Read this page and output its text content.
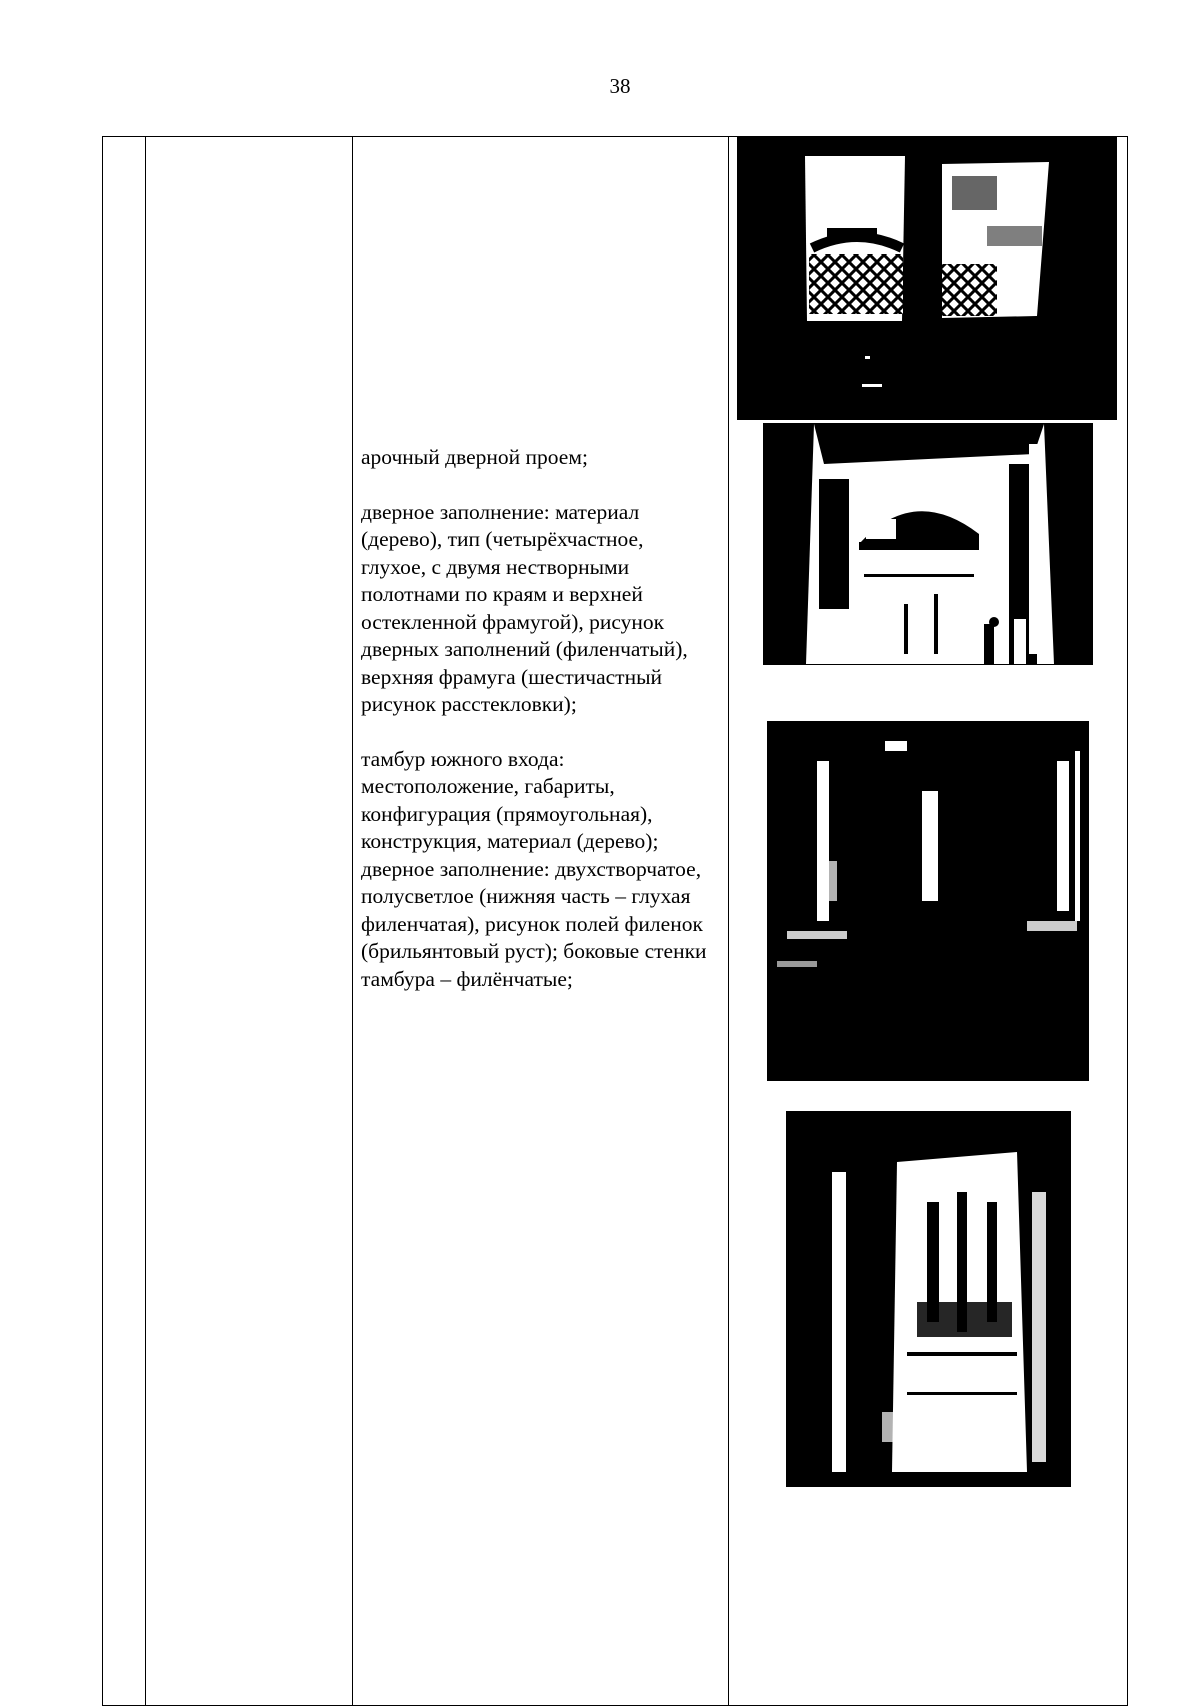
38

арочный дверной проем;

дверное заполнение: материал (дерево), тип (четырёхчастное, глухое, с двумя нестворными полотнами по краям и верхней остекленной фрамугой), рисунок дверных заполнений (филенчатый), верхняя фрамуга (шестичастный рисунок расстекловки);

тамбур южного входа: местоположение, габариты, конфигурация (прямоугольная), конструкция, материал (дерево); дверное заполнение: двухстворчатое, полусветлое (нижняя часть – глухая филенчатая), рисунок полей филенок (брильянтовый руст); боковые стенки тамбура – филёнчатые;
